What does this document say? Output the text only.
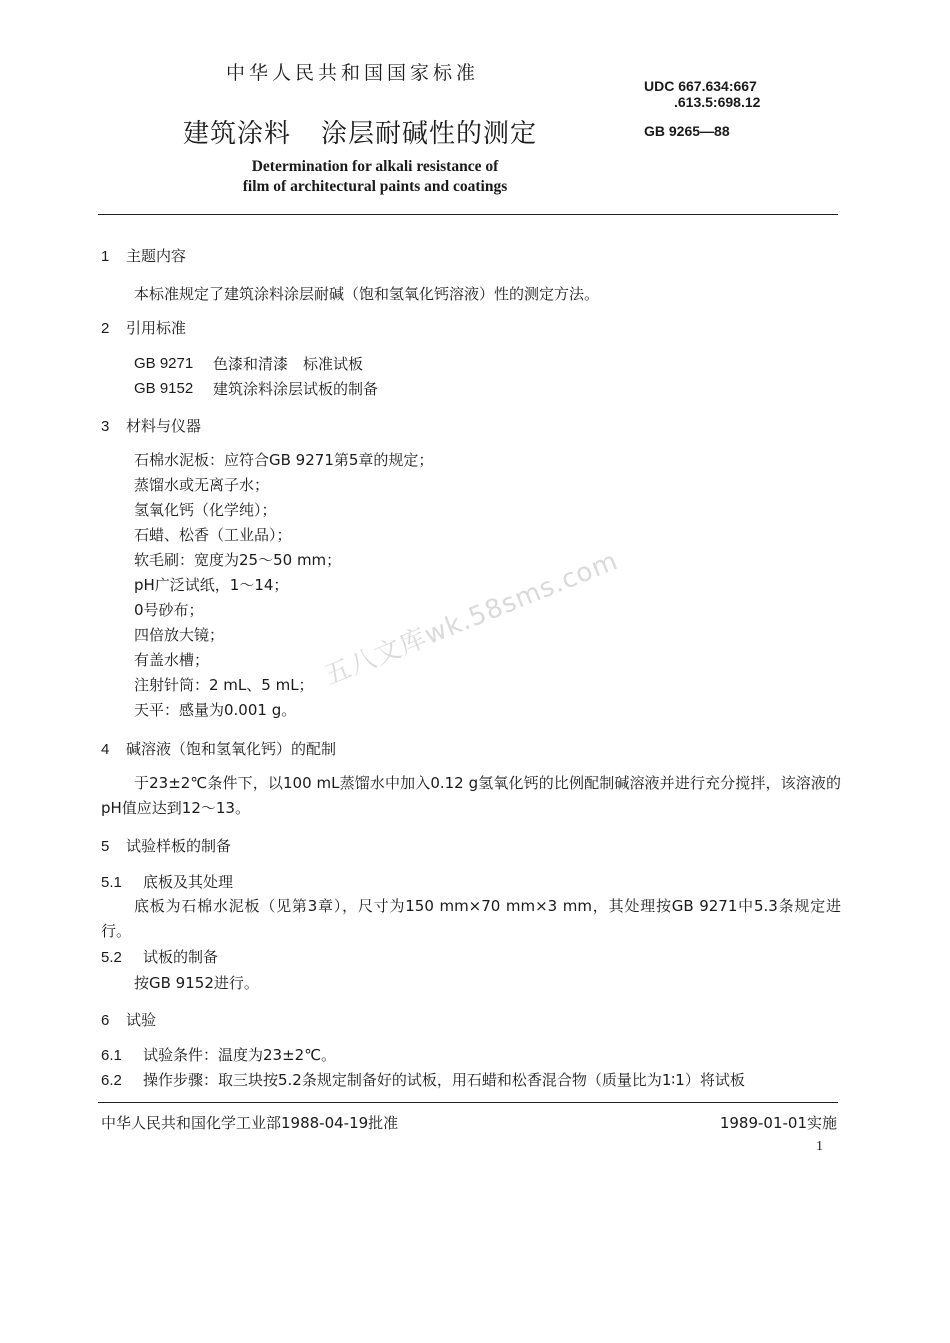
中华人民共和国国家标准
UDC 667.634:667
.613.5:698.12
GB 9265—88
建筑涂料 涂层耐碱性的测定
Determination for alkali resistance of
film of architectural paints and coatings
1 主题内容
本标准规定了建筑涂料涂层耐碱（饱和氢氧化钙溶液）性的测定方法。
2 引用标准
GB 9271	色漆和清漆　标准试板
GB 9152	建筑涂料涂层试板的制备
3 材料与仪器
石棉水泥板：应符合GB 9271第5章的规定；
蒸馏水或无离子水；
氢氧化钙（化学纯）；
石蜡、松香（工业品）；
软毛刷：宽度为25～50 mm；
pH广泛试纸，1～14；
0号砂布；
四倍放大镜；
有盖水槽；
注射针筒：2 mL、5 mL；
天平：感量为0.001 g。
4 碱溶液（饱和氢氧化钙）的配制
于23±2℃条件下，以100 mL蒸馏水中加入0.12 g氢氧化钙的比例配制碱溶液并进行充分搅拌，该溶液的pH值应达到12～13。
5 试验样板的制备
5.1 底板及其处理
底板为石棉水泥板（见第3章），尺寸为150 mm×70 mm×3 mm，其处理按GB 9271中5.3条规定进行。
5.2 试板的制备
按GB 9152进行。
6 试验
6.1 试验条件：温度为23±2℃。
6.2 操作步骤：取三块按5.2条规定制备好的试板，用石蜡和松香混合物（质量比为1∶1）将试板
中华人民共和国化学工业部1988-04-19批准	1989-01-01实施
1
五八文库wk.58sms.com
